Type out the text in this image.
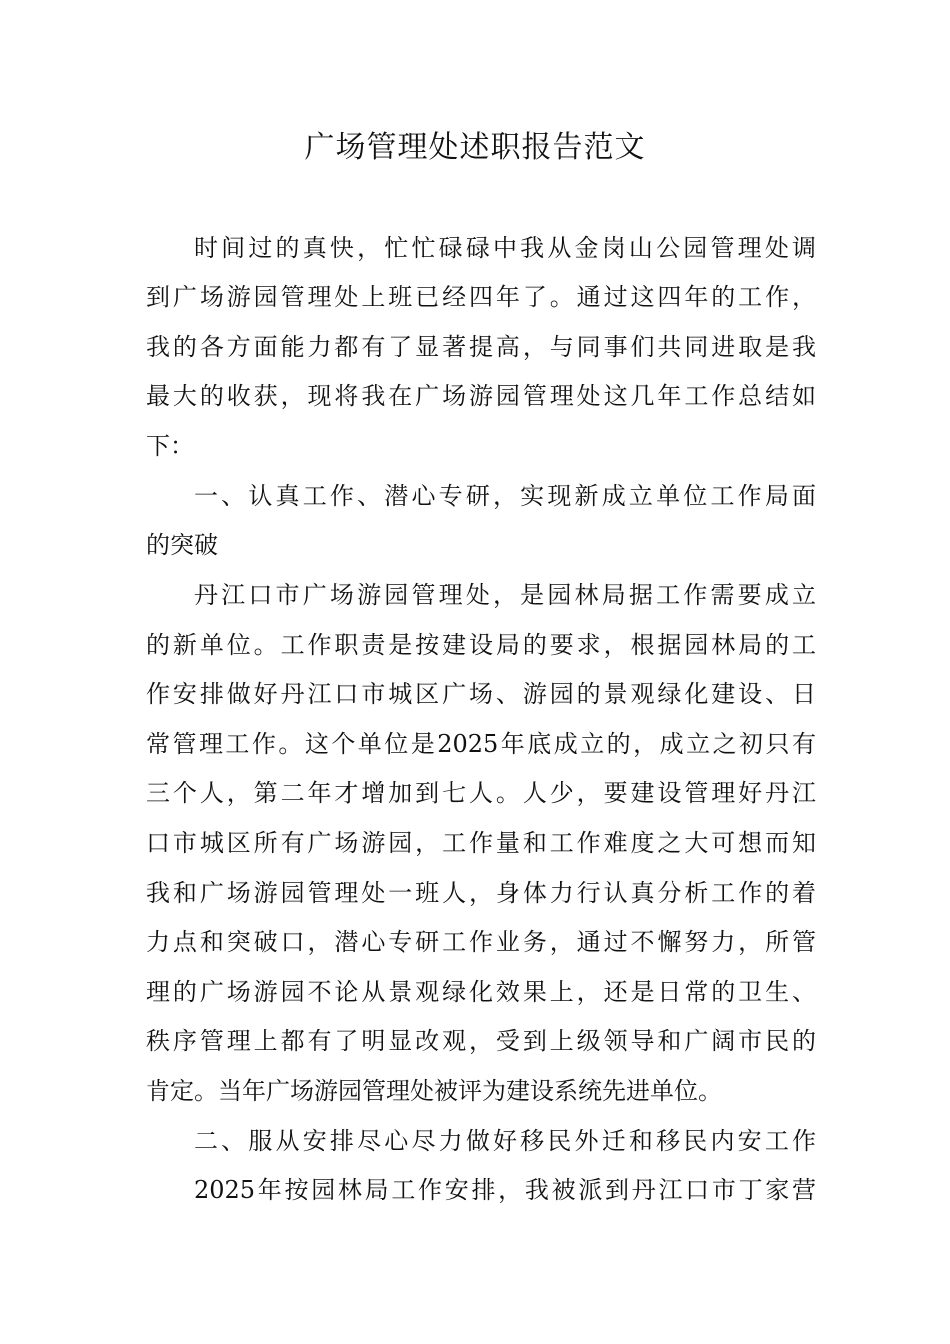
广场管理处述职报告范文

时间过的真快，忙忙碌碌中我从金岗山公园管理处调

到广场游园管理处上班已经四年了。通过这四年的工作，

我的各方面能力都有了显著提高，与同事们共同进取是我

最大的收获，现将我在广场游园管理处这几年工作总结如

下：

一、认真工作、潜心专研，实现新成立单位工作局面

的突破

丹江口市广场游园管理处，是园林局据工作需要成立

的新单位。工作职责是按建设局的要求，根据园林局的工

作安排做好丹江口市城区广场、游园的景观绿化建设、日

常管理工作。这个单位是2025年底成立的，成立之初只有

三个人，第二年才增加到七人。人少，要建设管理好丹江

口市城区所有广场游园，工作量和工作难度之大可想而知

我和广场游园管理处一班人，身体力行认真分析工作的着

力点和突破口，潜心专研工作业务，通过不懈努力，所管

理的广场游园不论从景观绿化效果上，还是日常的卫生、

秩序管理上都有了明显改观，受到上级领导和广阔市民的

肯定。当年广场游园管理处被评为建设系统先进单位。

二、服从安排尽心尽力做好移民外迁和移民内安工作

2025年按园林局工作安排，我被派到丹江口市丁家营
